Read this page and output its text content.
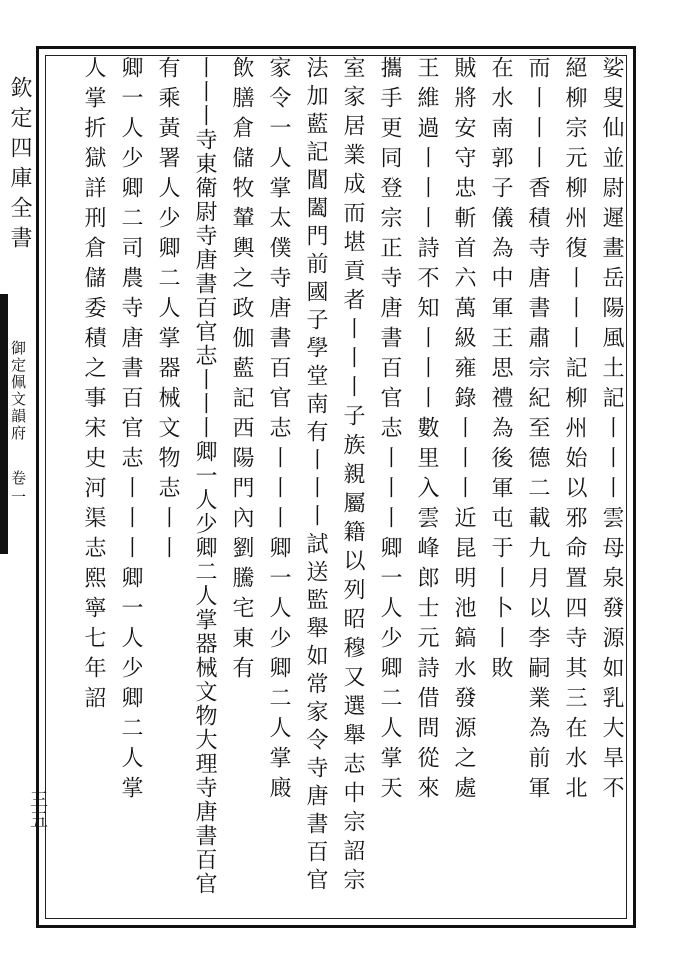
欽定四庫全書
御定佩文韻府
卷一
三五
娑叟仙並尉遲畫岳陽風土記丨丨丨雲母泉發源如乳大旱不
絕柳宗元柳州復丨丨丨記柳州始以邪命置四寺其三在水北
而丨丨丨香積寺唐書肅宗紀至德二載九月以李嗣業為前軍
在水南郭子儀為中軍王思禮為後軍屯于丨卜丨敗
賊將安守忠斬首六萬級雍錄丨丨丨近昆明池鎬水發源之處
王維過丨丨丨詩不知丨丨丨數里入雲峰郎士元詩借問從來
攜手更同登宗正寺唐書百官志丨丨丨卿一人少卿二人掌天
室家居業成而堪貢者丨丨丨子族親屬籍以列昭穆又選舉志中宗詔宗
法加藍記閶闔門前國子學堂南有丨丨丨試送監舉如常家令寺唐書百官
家令一人掌太僕寺唐書百官志丨丨丨卿一人少卿二人掌廄
飲膳倉儲牧輦輿之政伽藍記西陽門內劉騰宅東有
丨丨丨寺東衛尉寺唐書百官志丨丨丨卿一人少卿二人掌器械文物大理寺唐書百官
有乘黃署人少卿二人掌器械文物志丨丨
卿一人少卿二司農寺唐書百官志丨丨丨卿一人少卿二人掌
人掌折獄詳刑倉儲委積之事宋史河渠志熙寧七年詔
